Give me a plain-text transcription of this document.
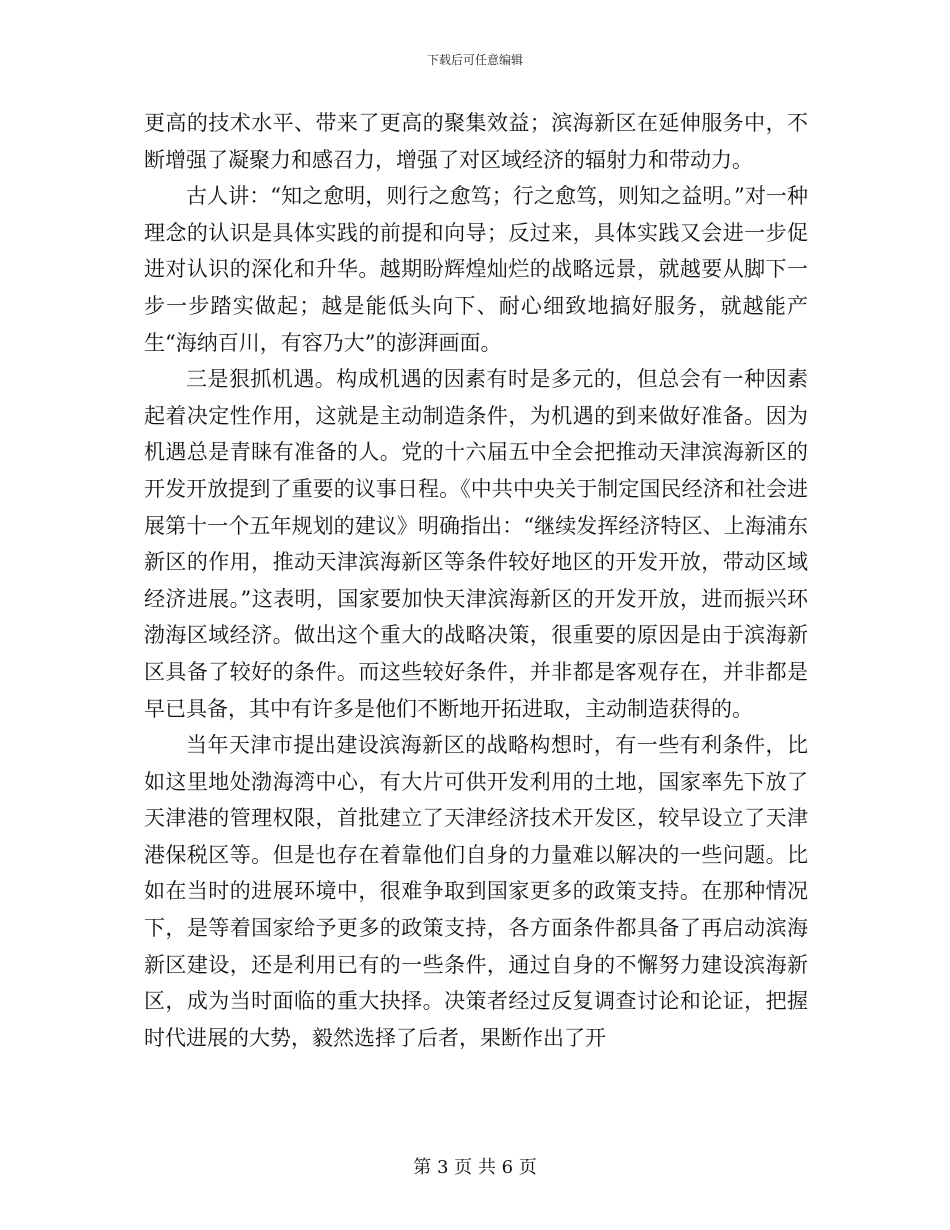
下载后可任意编辑

更高的技术水平、带来了更高的聚集效益；滨海新区在延伸服务中，不断增强了凝聚力和感召力，增强了对区域经济的辐射力和带动力。

古人讲：“知之愈明，则行之愈笃；行之愈笃，则知之益明。”对一种理念的认识是具体实践的前提和向导；反过来，具体实践又会进一步促进对认识的深化和升华。越期盼辉煌灿烂的战略远景，就越要从脚下一步一步踏实做起；越是能低头向下、耐心细致地搞好服务，就越能产生“海纳百川，有容乃大”的澎湃画面。

三是狠抓机遇。构成机遇的因素有时是多元的，但总会有一种因素起着决定性作用，这就是主动制造条件，为机遇的到来做好准备。因为机遇总是青睐有准备的人。党的十六届五中全会把推动天津滨海新区的开发开放提到了重要的议事日程。《中共中央关于制定国民经济和社会进展第十一个五年规划的建议》明确指出：“继续发挥经济特区、上海浦东新区的作用，推动天津滨海新区等条件较好地区的开发开放，带动区域经济进展。”这表明，国家要加快天津滨海新区的开发开放，进而振兴环渤海区域经济。做出这个重大的战略决策，很重要的原因是由于滨海新区具备了较好的条件。而这些较好条件，并非都是客观存在，并非都是早已具备，其中有许多是他们不断地开拓进取，主动制造获得的。

当年天津市提出建设滨海新区的战略构想时，有一些有利条件，比如这里地处渤海湾中心，有大片可供开发利用的土地，国家率先下放了天津港的管理权限，首批建立了天津经济技术开发区，较早设立了天津港保税区等。但是也存在着靠他们自身的力量难以解决的一些问题。比如在当时的进展环境中，很难争取到国家更多的政策支持。在那种情况下，是等着国家给予更多的政策支持，各方面条件都具备了再启动滨海新区建设，还是利用已有的一些条件，通过自身的不懈努力建设滨海新区，成为当时面临的重大抉择。决策者经过反复调查讨论和论证，把握时代进展的大势，毅然选择了后者，果断作出了开

第 3 页 共 6 页
